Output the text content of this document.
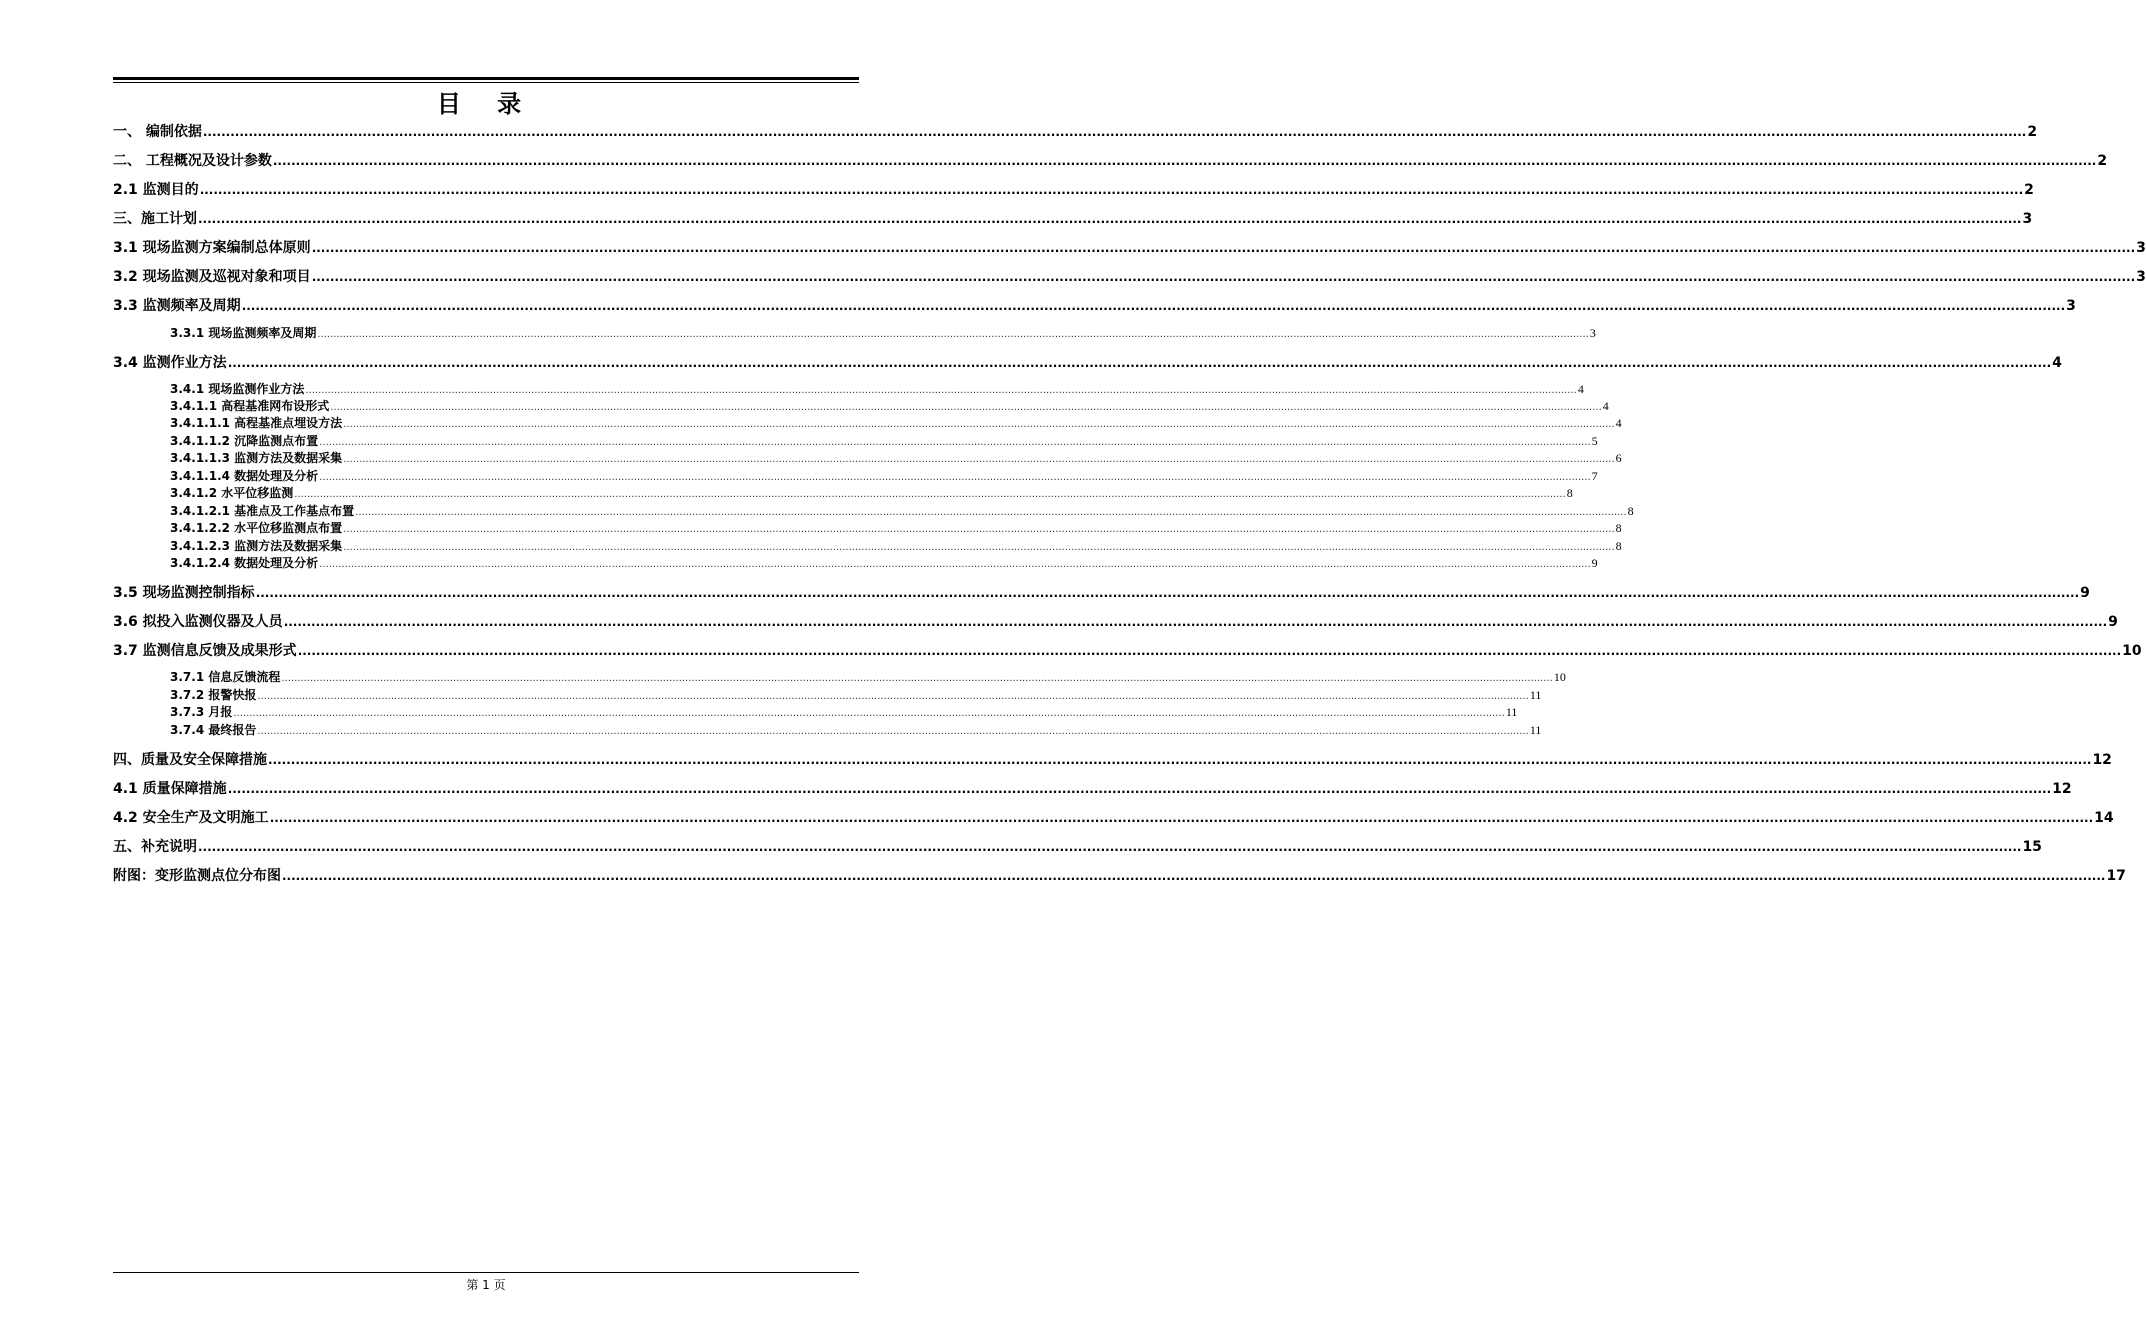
目 录
一、 编制依据 ................................................................................................................................................................................................................................................................................................................................................................................................................ 2
二、 工程概况及设计参数 ................................................................................................................................................................................................................................................................................................................................................................................................................ 2
2.1 监测目的 ................................................................................................................................................................................................................................................................................................................................................................................................................ 2
三、施工计划 ................................................................................................................................................................................................................................................................................................................................................................................................................ 3
3.1 现场监测方案编制总体原则 ................................................................................................................................................................................................................................................................................................................................................................................................................ 3
3.2 现场监测及巡视对象和项目 ................................................................................................................................................................................................................................................................................................................................................................................................................ 3
3.3 监测频率及周期 ................................................................................................................................................................................................................................................................................................................................................................................................................ 3
3.3.1 现场监测频率及周期 ................................................................................................................................................................................................................................................................................................................................................................................................................ 3
3.4 监测作业方法 ................................................................................................................................................................................................................................................................................................................................................................................................................ 4
3.4.1 现场监测作业方法 ................................................................................................................................................................................................................................................................................................................................................................................................................ 4
3.4.1.1 高程基准网布设形式 ................................................................................................................................................................................................................................................................................................................................................................................................................ 4
3.4.1.1.1 高程基准点埋设方法 ................................................................................................................................................................................................................................................................................................................................................................................................................ 4
3.4.1.1.2 沉降监测点布置 ................................................................................................................................................................................................................................................................................................................................................................................................................ 5
3.4.1.1.3 监测方法及数据采集 ................................................................................................................................................................................................................................................................................................................................................................................................................ 6
3.4.1.1.4 数据处理及分析 ................................................................................................................................................................................................................................................................................................................................................................................................................ 7
3.4.1.2 水平位移监测 ................................................................................................................................................................................................................................................................................................................................................................................................................ 8
3.4.1.2.1 基准点及工作基点布置 ................................................................................................................................................................................................................................................................................................................................................................................................................ 8
3.4.1.2.2 水平位移监测点布置 ................................................................................................................................................................................................................................................................................................................................................................................................................ 8
3.4.1.2.3 监测方法及数据采集 ................................................................................................................................................................................................................................................................................................................................................................................................................ 8
3.4.1.2.4 数据处理及分析 ................................................................................................................................................................................................................................................................................................................................................................................................................ 9
3.5 现场监测控制指标 ................................................................................................................................................................................................................................................................................................................................................................................................................ 9
3.6 拟投入监测仪器及人员 ................................................................................................................................................................................................................................................................................................................................................................................................................ 9
3.7 监测信息反馈及成果形式 ................................................................................................................................................................................................................................................................................................................................................................................................................ 10
3.7.1 信息反馈流程 ................................................................................................................................................................................................................................................................................................................................................................................................................ 10
3.7.2 报警快报 ................................................................................................................................................................................................................................................................................................................................................................................................................ 11
3.7.3 月报 ................................................................................................................................................................................................................................................................................................................................................................................................................ 11
3.7.4 最终报告 ................................................................................................................................................................................................................................................................................................................................................................................................................ 11
四、质量及安全保障措施 ................................................................................................................................................................................................................................................................................................................................................................................................................ 12
4.1 质量保障措施 ................................................................................................................................................................................................................................................................................................................................................................................................................ 12
4.2 安全生产及文明施工 ................................................................................................................................................................................................................................................................................................................................................................................................................ 14
五、补充说明 ................................................................................................................................................................................................................................................................................................................................................................................................................ 15
附图：变形监测点位分布图 ................................................................................................................................................................................................................................................................................................................................................................................................................ 17
第 1 页
